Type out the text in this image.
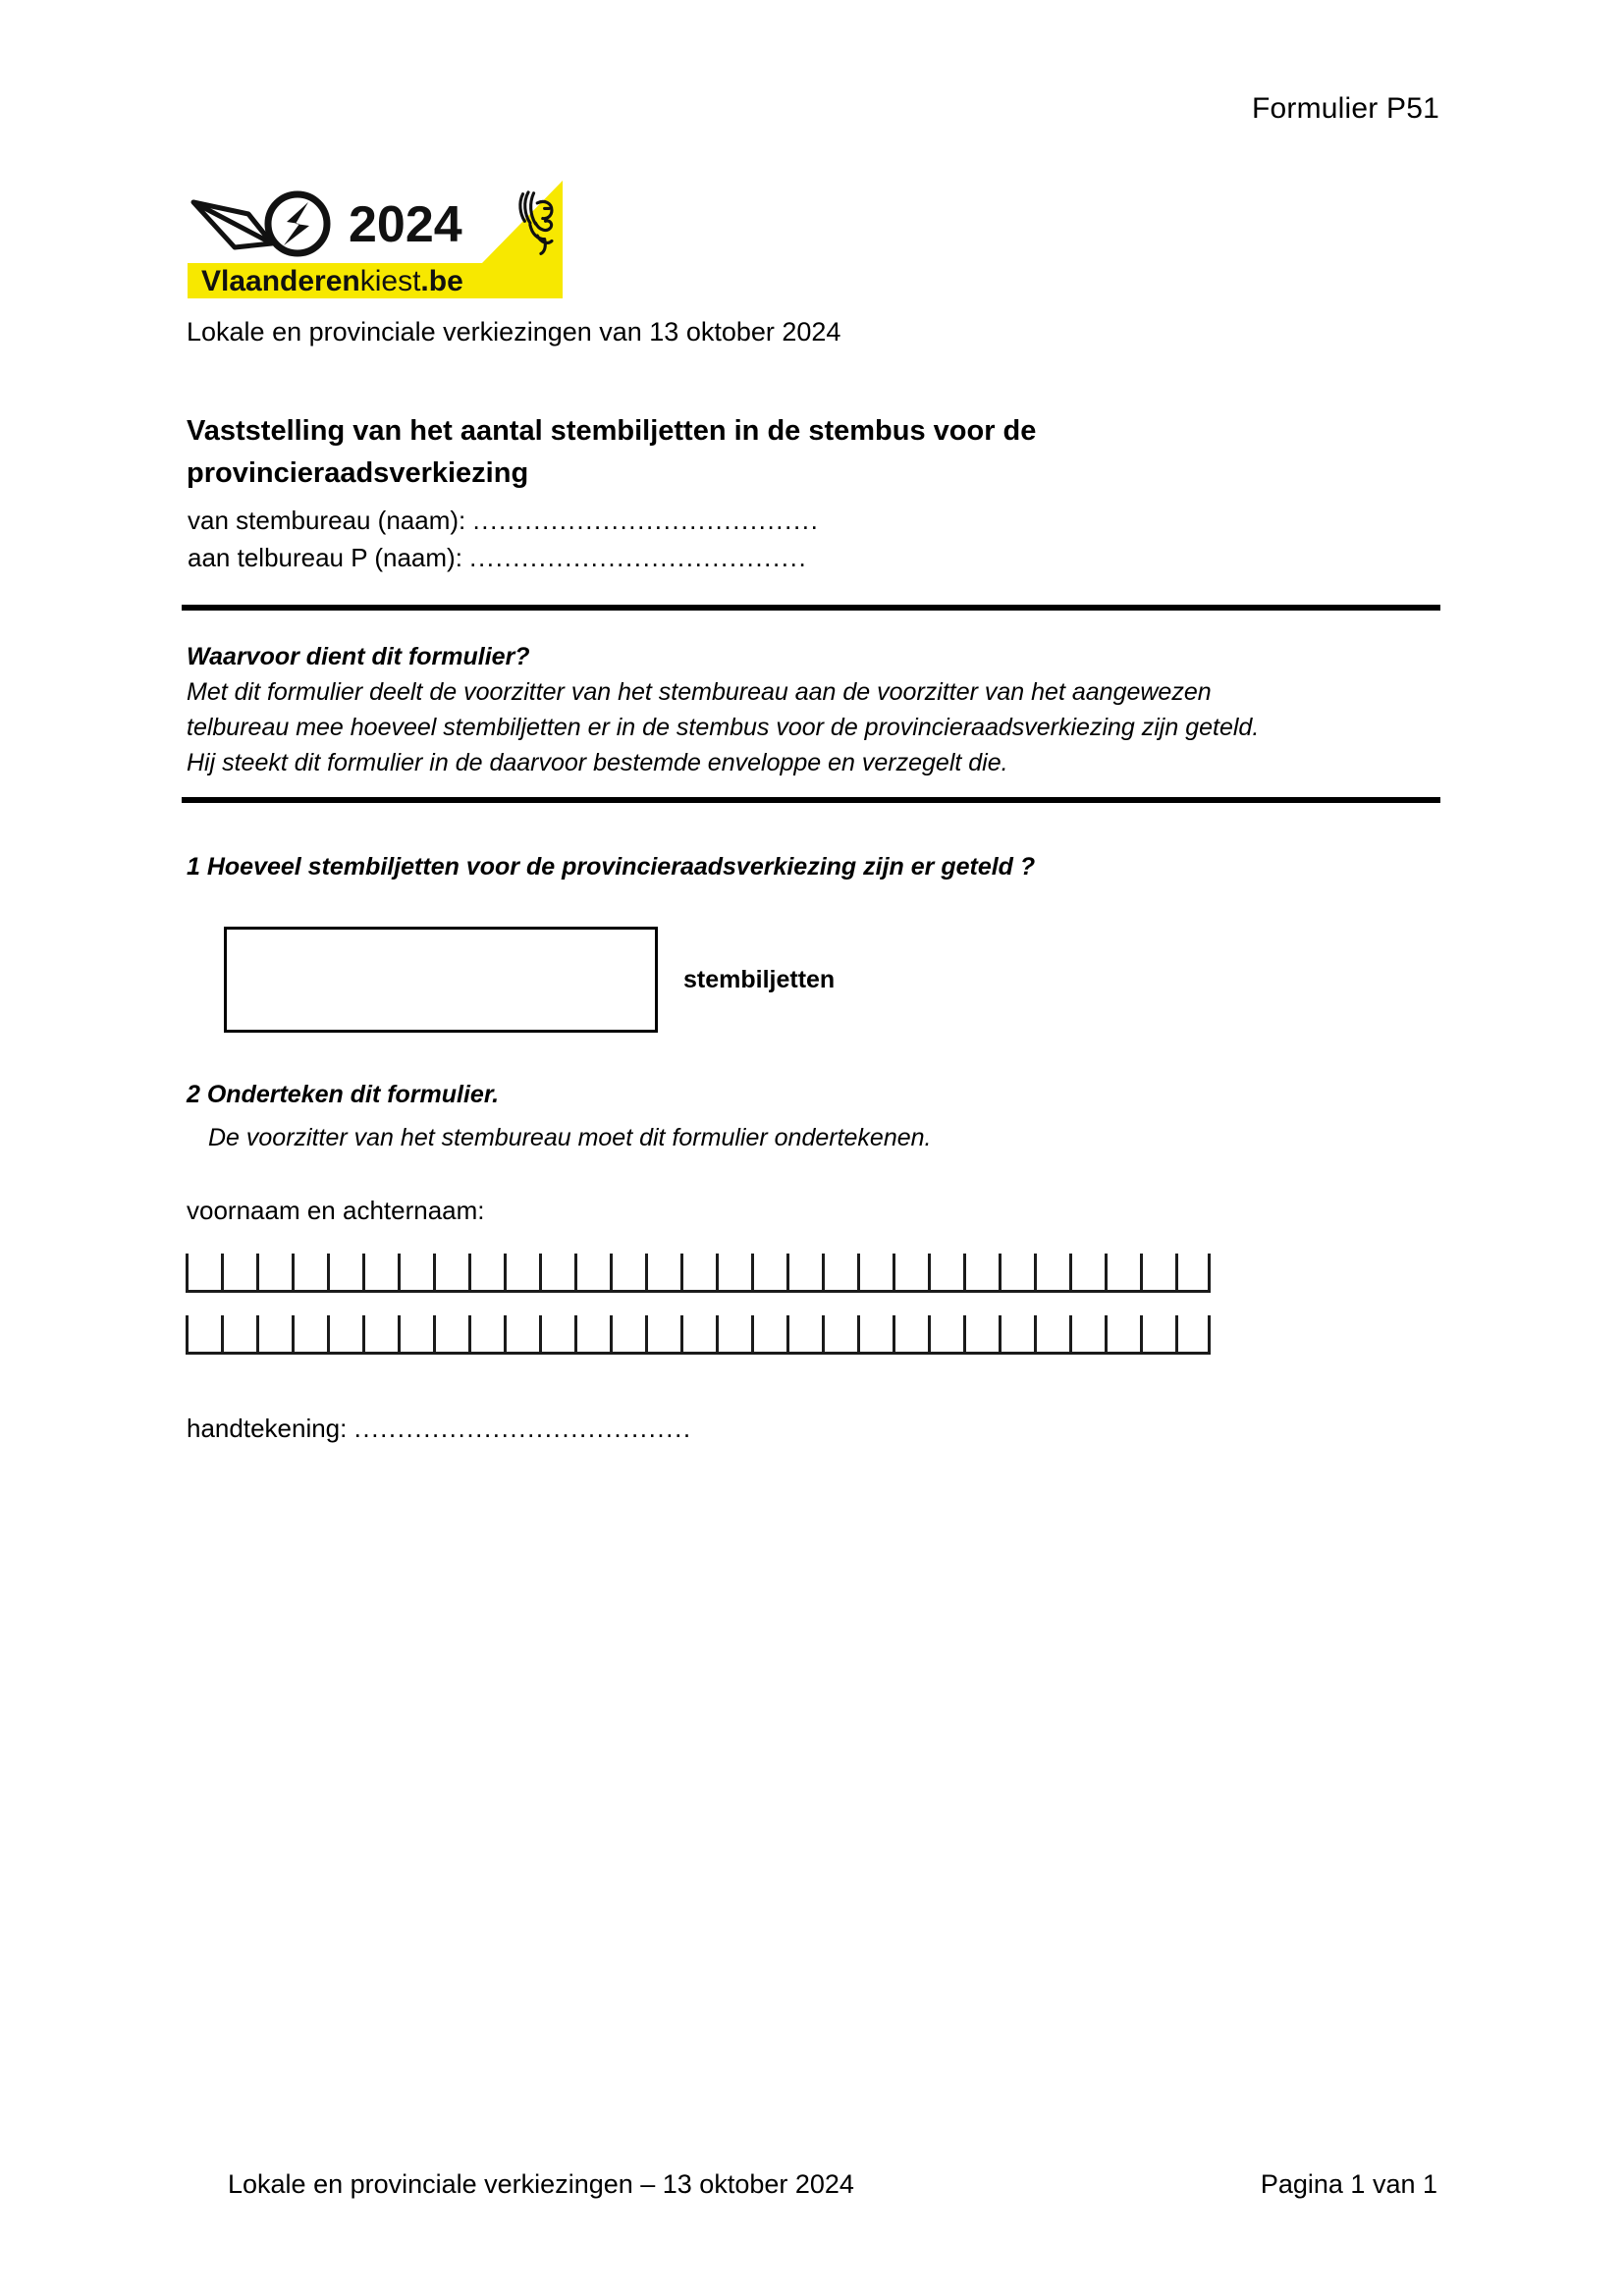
Formulier P51
2024
Vlaanderenkiest.be
Lokale en provinciale verkiezingen van 13 oktober 2024
Vaststelling van het aantal stembiljetten in de stembus voor de provincieraadsverkiezing
van stembureau (naam): ........................................
aan telbureau P (naam): .......................................
Waarvoor dient dit formulier?
Met dit formulier deelt de voorzitter van het stembureau aan de voorzitter van het aangewezen
telbureau mee hoeveel stembiljetten er in de stembus voor de provincieraadsverkiezing zijn geteld.
Hij steekt dit formulier in de daarvoor bestemde enveloppe en verzegelt die.
1 Hoeveel stembiljetten voor de provincieraadsverkiezing zijn er geteld ?
stembiljetten
2 Onderteken dit formulier.
De voorzitter van het stembureau moet dit formulier ondertekenen.
voornaam en achternaam:
handtekening: .......................................
Lokale en provinciale verkiezingen – 13 oktober 2024	Pagina 1 van 1
